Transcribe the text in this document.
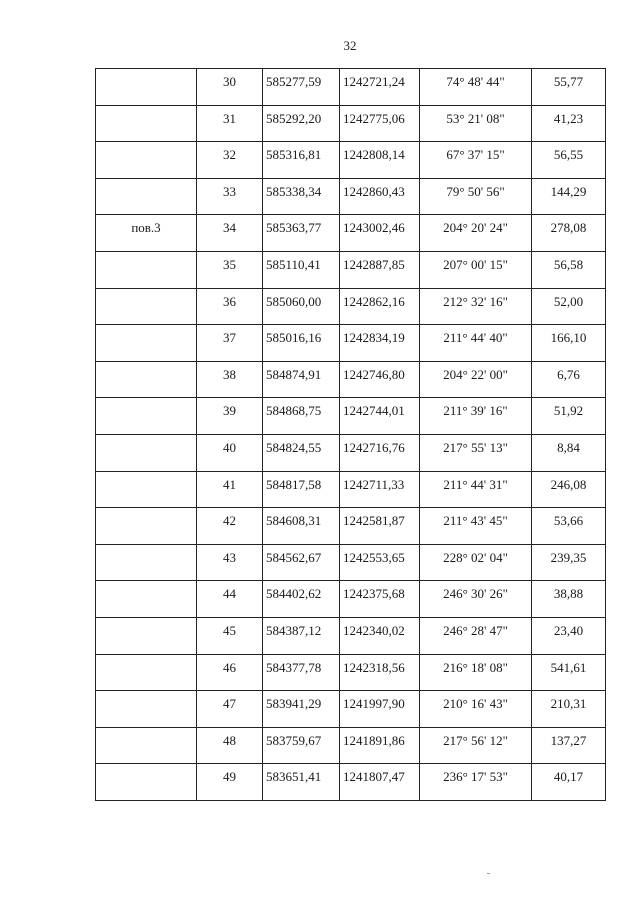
32
	30	585277,59	1242721,24	74° 48' 44"	55,77
	31	585292,20	1242775,06	53° 21' 08"	41,23
	32	585316,81	1242808,14	67° 37' 15"	56,55
	33	585338,34	1242860,43	79° 50' 56"	144,29
пов.3	34	585363,77	1243002,46	204° 20' 24"	278,08
	35	585110,41	1242887,85	207° 00' 15"	56,58
	36	585060,00	1242862,16	212° 32' 16"	52,00
	37	585016,16	1242834,19	211° 44' 40"	166,10
	38	584874,91	1242746,80	204° 22' 00"	6,76
	39	584868,75	1242744,01	211° 39' 16"	51,92
	40	584824,55	1242716,76	217° 55' 13"	8,84
	41	584817,58	1242711,33	211° 44' 31"	246,08
	42	584608,31	1242581,87	211° 43' 45"	53,66
	43	584562,67	1242553,65	228° 02' 04"	239,35
	44	584402,62	1242375,68	246° 30' 26"	38,88
	45	584387,12	1242340,02	246° 28' 47"	23,40
	46	584377,78	1242318,56	216° 18' 08"	541,61
	47	583941,29	1241997,90	210° 16' 43"	210,31
	48	583759,67	1241891,86	217° 56' 12"	137,27
	49	583651,41	1241807,47	236° 17' 53"	40,17
